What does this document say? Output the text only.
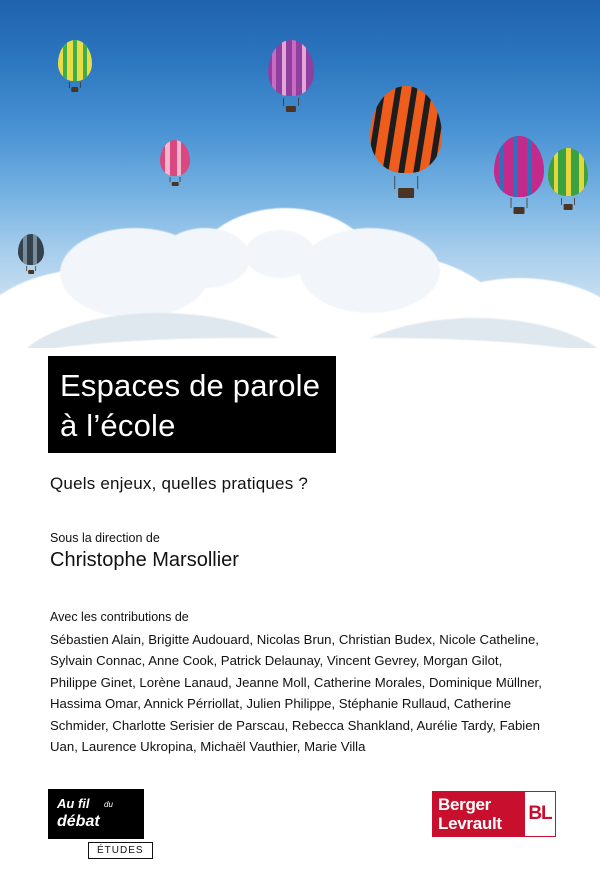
Espaces de parole
à l’école
Quels enjeux, quelles pratiques ?
Sous la direction de
Christophe Marsollier
Avec les contributions de
Sébastien Alain, Brigitte Audouard, Nicolas Brun, Christian Budex, Nicole Catheline, Sylvain Connac, Anne Cook, Patrick Delaunay, Vincent Gevrey, Morgan Gilot, Philippe Ginet, Lorène Lanaud, Jeanne Moll, Catherine Morales, Dominique Müllner, Hassima Omar, Annick Pérriollat, Julien Philippe, Stéphanie Rullaud, Catherine Schmider, Charlotte Serisier de Parscau, Rebecca Shankland, Aurélie Tardy, Fabien Uan, Laurence Ukropina, Michaël Vauthier, Marie Villa
Au fil du
débat
ÉTUDES
Berger
Levrault BL
